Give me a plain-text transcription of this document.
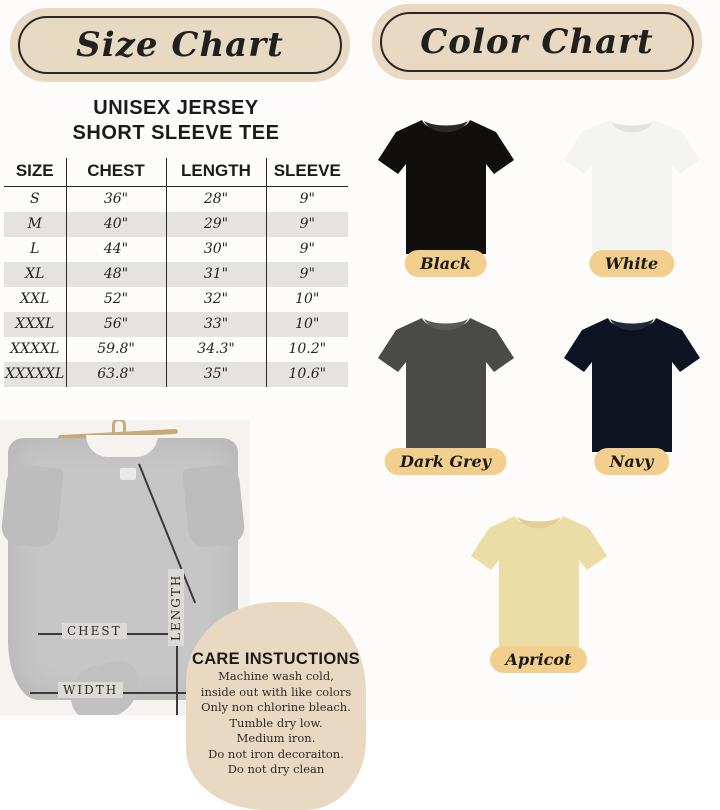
Size Chart	Color Chart
UNISEX JERSEY
SHORT SLEEVE TEE
SIZE	CHEST	LENGTH	SLEEVE
S	36"	28"	9"
M	40"	29"	9"
L	44"	30"	9"
XL	48"	31"	9"
XXL	52"	32"	10"
XXXL	56"	33"	10"
XXXXL	59.8"	34.3"	10.2"
XXXXXL	63.8"	35"	10.6"
CHEST
WIDTH
LENGTH
CARE INSTUCTIONS
Machine wash cold,
inside out with like colors
Only non chlorine bleach.
Tumble dry low.
Medium iron.
Do not iron decoraiton.
Do not dry clean
Black	White
Dark Grey	Navy
Apricot
